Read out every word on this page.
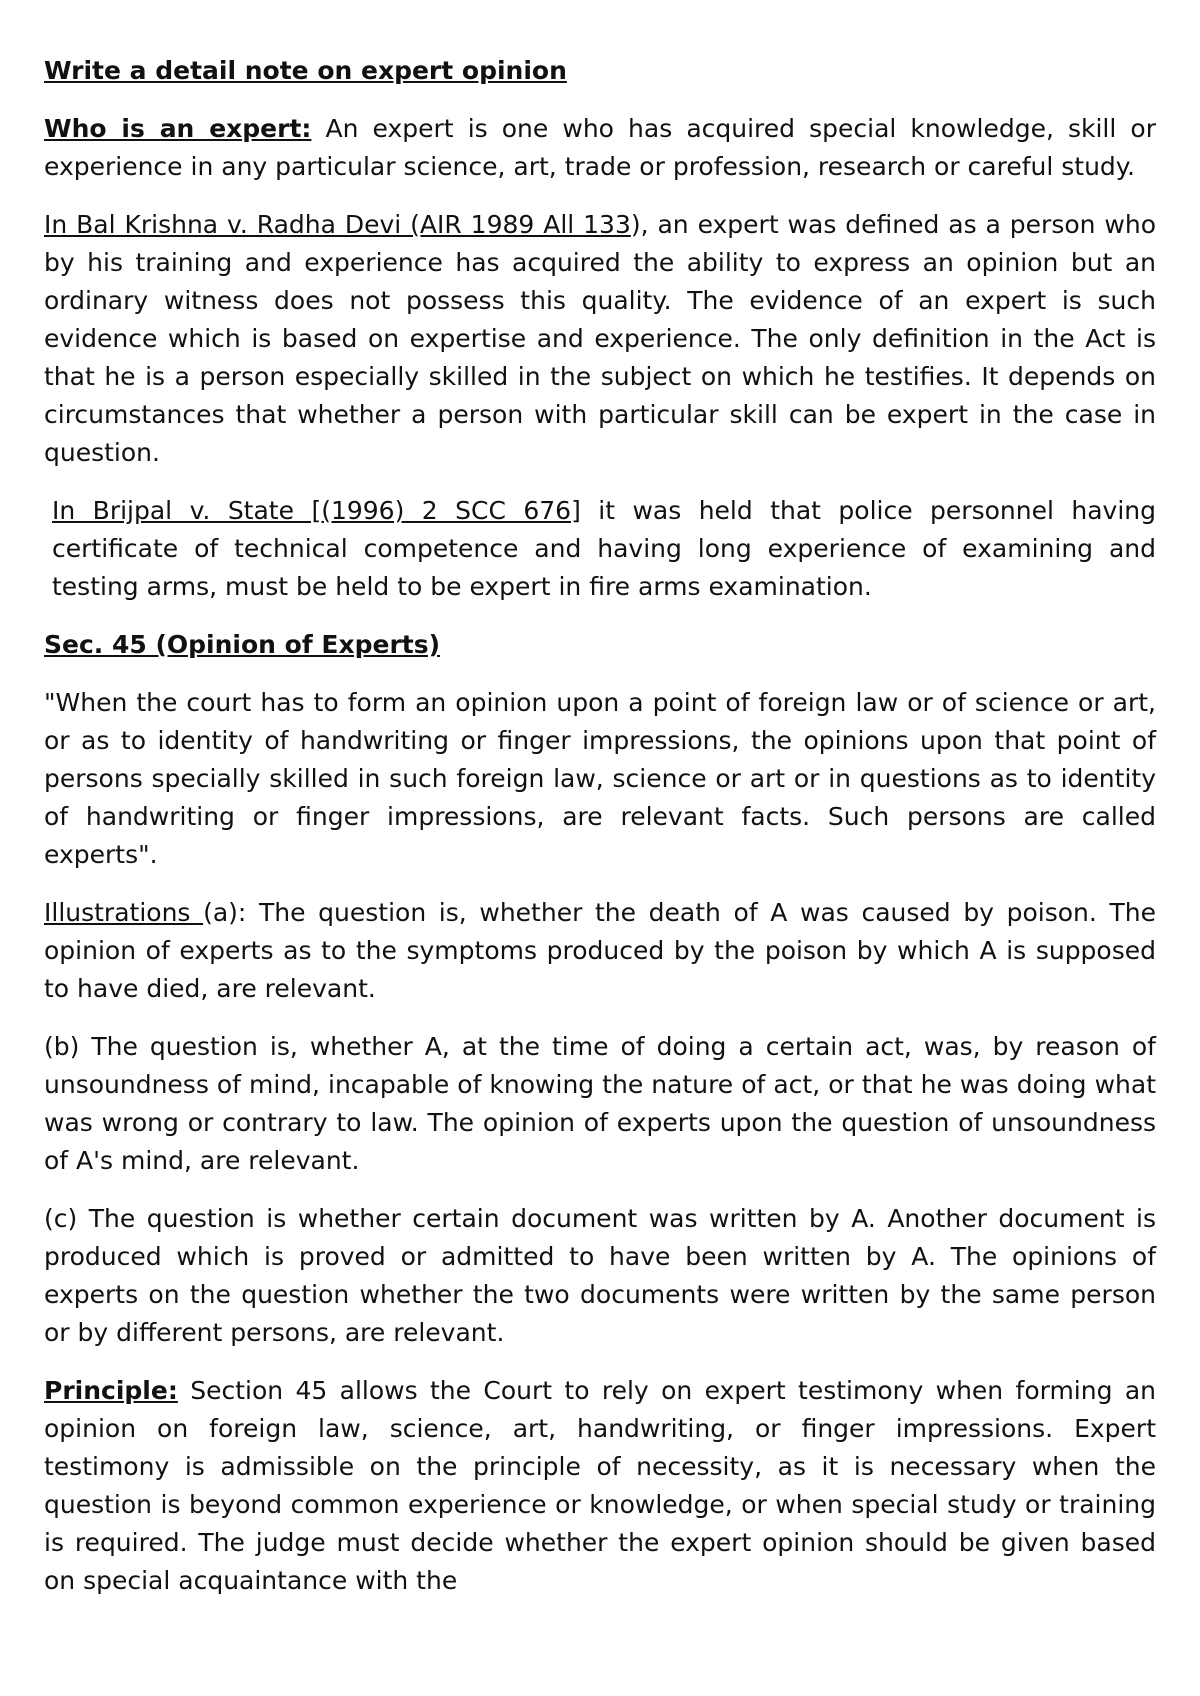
Write a detail note on expert opinion

Who is an expert: An expert is one who has acquired special knowledge, skill or experience in any particular science, art, trade or profession, research or careful study.

In Bal Krishna v. Radha Devi (AIR 1989 All 133), an expert was defined as a person who by his training and experience has acquired the ability to express an opinion but an ordinary witness does not possess this quality. The evidence of an expert is such evidence which is based on expertise and experience. The only definition in the Act is that he is a person especially skilled in the subject on which he testifies. It depends on circumstances that whether a person with particular skill can be expert in the case in question.

In Brijpal v. State [(1996) 2 SCC 676] it was held that police personnel having certificate of technical competence and having long experience of examining and testing arms, must be held to be expert in fire arms examination.

Sec. 45 (Opinion of Experts)

"When the court has to form an opinion upon a point of foreign law or of science or art, or as to identity of handwriting or finger impressions, the opinions upon that point of persons specially skilled in such foreign law, science or art or in questions as to identity of handwriting or finger impressions, are relevant facts. Such persons are called experts".

Illustrations (a): The question is, whether the death of A was caused by poison. The opinion of experts as to the symptoms produced by the poison by which A is supposed to have died, are relevant.

(b) The question is, whether A, at the time of doing a certain act, was, by reason of unsoundness of mind, incapable of knowing the nature of act, or that he was doing what was wrong or contrary to law. The opinion of experts upon the question of unsoundness of A's mind, are relevant.

(c) The question is whether certain document was written by A. Another document is produced which is proved or admitted to have been written by A. The opinions of experts on the question whether the two documents were written by the same person or by different persons, are relevant.

Principle: Section 45 allows the Court to rely on expert testimony when forming an opinion on foreign law, science, art, handwriting, or finger impressions. Expert testimony is admissible on the principle of necessity, as it is necessary when the question is beyond common experience or knowledge, or when special study or training is required. The judge must decide whether the expert opinion should be given based on special acquaintance with the
